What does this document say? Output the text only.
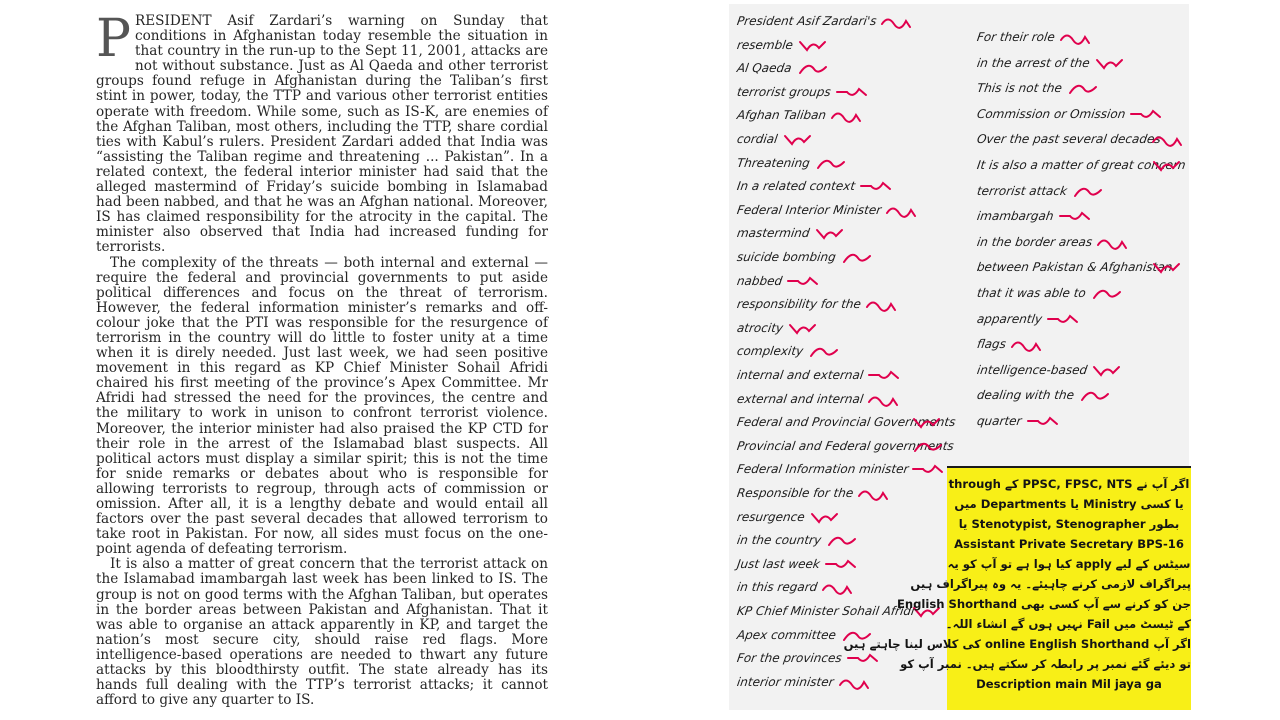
PRESIDENT Asif Zardari’s warning on Sunday that conditions in Afghanistan today resemble the situation in that country in the run-up to the Sept 11, 2001, attacks are not without substance. Just as Al Qaeda and other terrorist groups found refuge in Afghanistan during the Taliban’s first stint in power, today, the TTP and various other terrorist entities operate with freedom. While some, such as IS-K, are enemies of the Afghan Taliban, most others, including the TTP, share cordial ties with Kabul’s rulers. President Zardari added that India was “assisting the Taliban regime and threatening ... Pakistan”. In a related context, the federal interior minister had said that the alleged mastermind of Friday’s suicide bombing in Islamabad had been nabbed, and that he was an Afghan national. Moreover, IS has claimed responsibility for the atrocity in the capital. The minister also observed that India had increased funding for terrorists.

The complexity of the threats — both internal and external — require the federal and provincial governments to put aside political differences and focus on the threat of terrorism. However, the federal information minister’s remarks and off-colour joke that the PTI was responsible for the resurgence of terrorism in the country will do little to foster unity at a time when it is direly needed. Just last week, we had seen positive movement in this regard as KP Chief Minister Sohail Afridi chaired his first meeting of the province’s Apex Committee. Mr Afridi had stressed the need for the provinces, the centre and the military to work in unison to confront terrorist violence. Moreover, the interior minister had also praised the KP CTD for their role in the arrest of the Islamabad blast suspects. All political actors must display a similar spirit; this is not the time for snide remarks or debates about who is responsible for allowing terrorists to regroup, through acts of commission or omission. After all, it is a lengthy debate and would entail all factors over the past several decades that allowed terrorism to take root in Pakistan. For now, all sides must focus on the one-point agenda of defeating terrorism.

It is also a matter of great concern that the terrorist attack on the Islamabad imambargah last week has been linked to IS. The group is not on good terms with the Afghan Taliban, but operates in the border areas between Pakistan and Afghanistan. That it was able to organise an attack apparently in KP, and target the nation’s most secure city, should raise red flags. More intelligence-based operations are needed to thwart any future attacks by this bloodthirsty outfit. The state already has its hands full dealing with the TTP’s terrorist attacks; it cannot afford to give any quarter to IS.

President Asif Zardari's
resemble
Al Qaeda
terrorist groups
Afghan Taliban
cordial
Threatening
In a related context
Federal Interior Minister
mastermind
suicide bombing
nabbed
responsibility for the
atrocity
complexity
internal and external
external and internal
Federal and Provincial Governments
Provincial and Federal governments
Federal Information minister
Responsible for the
resurgence
in the country
Just last week
in this regard
KP Chief Minister Sohail Afridi
Apex committee
For the provinces
interior minister
For their role
in the arrest of the
This is not the
Commission or Omission
Over the past several decades
It is also a matter of great concern
terrorist attack
imambargah
in the border areas
between Pakistan & Afghanistan
that it was able to
apparently
flags
intelligence-based
dealing with the
quarter
اگر آپ نے PPSC, FPSC, NTS کے through
یا کسی Ministry یا Departments میں
بطور Stenotypist, Stenographer یا
Assistant Private Secretary BPS-16
سیٹس کے لیے apply کیا ہوا ہے تو آپ کو یہ
پیراگراف لازمی کرنے چاہیئے۔ یہ وہ پیراگراف ہیں
جن کو کرنے سے آپ کسی بھی English Shorthand
کے ٹیسٹ میں Fail نہیں ہوں گے انشاء اللہ۔
اگر آپ online English Shorthand کی کلاس لینا چاہتے ہیں
تو دیئے گئے نمبر پر رابطہ کر سکتے ہیں۔ نمبر آپ کو
Description main Mil jaya ga
